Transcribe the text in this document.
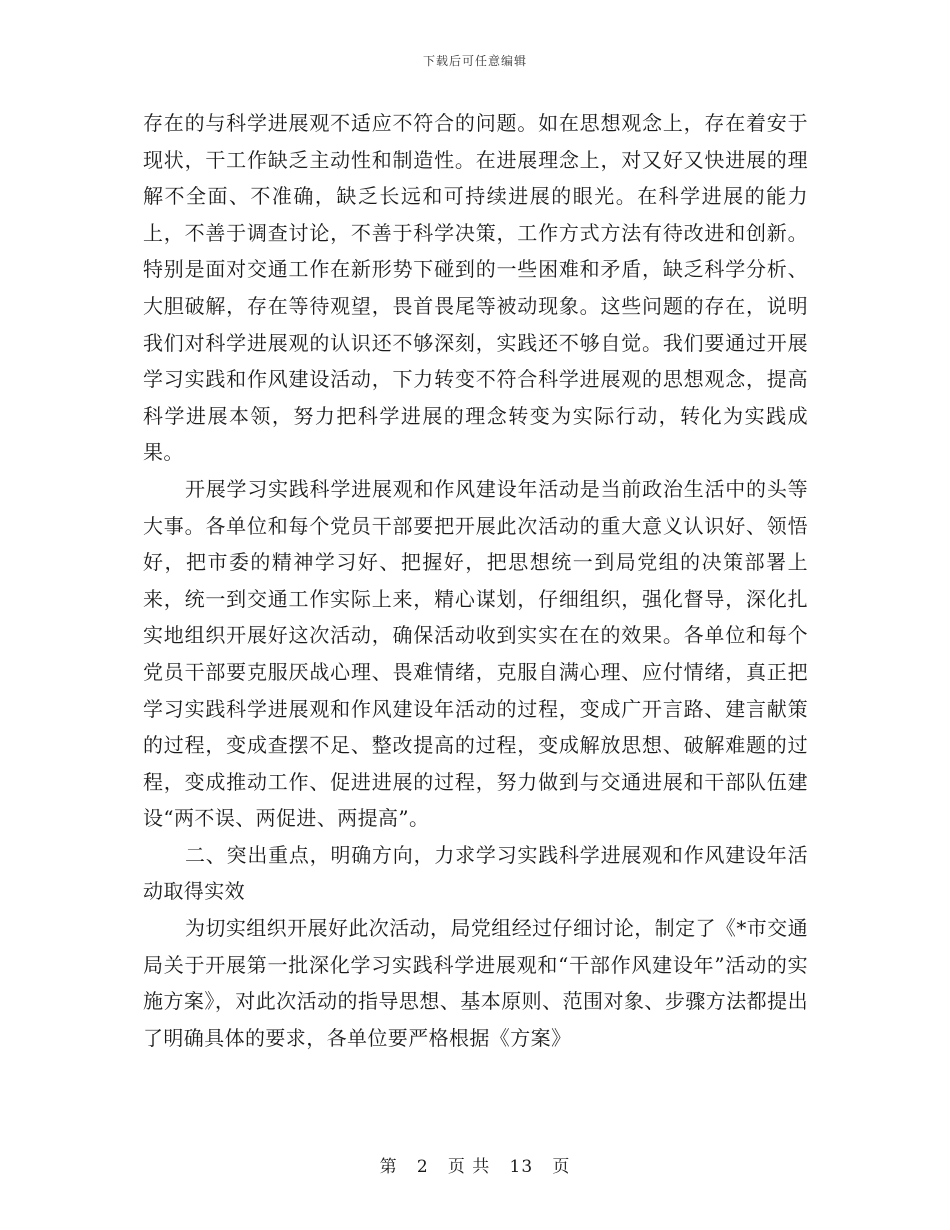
下载后可任意编辑

存在的与科学进展观不适应不符合的问题。如在思想观念上，存在着安于现状，干工作缺乏主动性和制造性。在进展理念上，对又好又快进展的理解不全面、不准确，缺乏长远和可持续进展的眼光。在科学进展的能力上，不善于调查讨论，不善于科学决策，工作方式方法有待改进和创新。特别是面对交通工作在新形势下碰到的一些困难和矛盾，缺乏科学分析、大胆破解，存在等待观望，畏首畏尾等被动现象。这些问题的存在，说明我们对科学进展观的认识还不够深刻，实践还不够自觉。我们要通过开展学习实践和作风建设活动，下力转变不符合科学进展观的思想观念，提高科学进展本领，努力把科学进展的理念转变为实际行动，转化为实践成果。

开展学习实践科学进展观和作风建设年活动是当前政治生活中的头等大事。各单位和每个党员干部要把开展此次活动的重大意义认识好、领悟好，把市委的精神学习好、把握好，把思想统一到局党组的决策部署上来，统一到交通工作实际上来，精心谋划，仔细组织，强化督导，深化扎实地组织开展好这次活动，确保活动收到实实在在的效果。各单位和每个党员干部要克服厌战心理、畏难情绪，克服自满心理、应付情绪，真正把学习实践科学进展观和作风建设年活动的过程，变成广开言路、建言献策的过程，变成查摆不足、整改提高的过程，变成解放思想、破解难题的过程，变成推动工作、促进进展的过程，努力做到与交通进展和干部队伍建设“两不误、两促进、两提高”。

二、突出重点，明确方向，力求学习实践科学进展观和作风建设年活动取得实效

为切实组织开展好此次活动，局党组经过仔细讨论，制定了《*市交通局关于开展第一批深化学习实践科学进展观和“干部作风建设年”活动的实施方案》，对此次活动的指导思想、基本原则、范围对象、步骤方法都提出了明确具体的要求，各单位要严格根据《方案》

第 2 页 共 13 页
